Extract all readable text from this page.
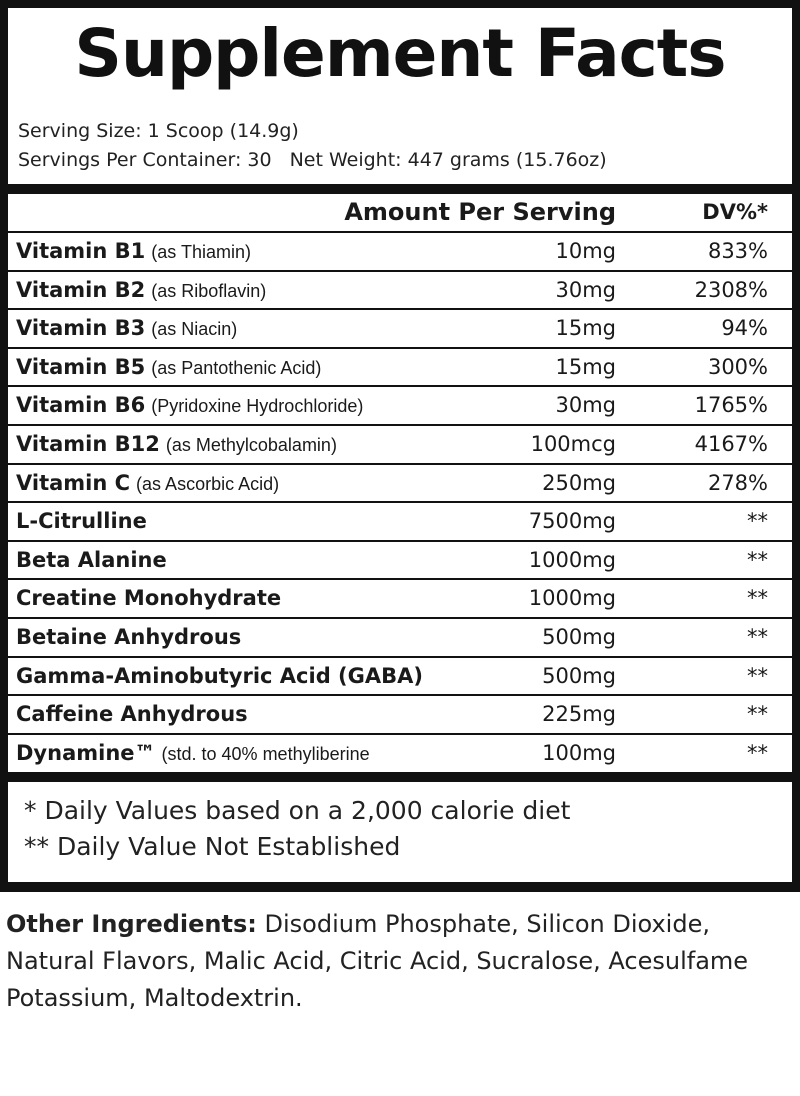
Supplement Facts
Serving Size: 1 Scoop (14.9g)
Servings Per Container: 30 Net Weight: 447 grams (15.76oz)
Amount Per Serving	DV%*
Vitamin B1 (as Thiamin)	10mg	833%
Vitamin B2 (as Riboflavin)	30mg	2308%
Vitamin B3 (as Niacin)	15mg	94%
Vitamin B5 (as Pantothenic Acid)	15mg	300%
Vitamin B6 (Pyridoxine Hydrochloride)	30mg	1765%
Vitamin B12 (as Methylcobalamin)	100mcg	4167%
Vitamin C (as Ascorbic Acid)	250mg	278%
L-Citrulline	7500mg	**
Beta Alanine	1000mg	**
Creatine Monohydrate	1000mg	**
Betaine Anhydrous	500mg	**
Gamma-Aminobutyric Acid (GABA)	500mg	**
Caffeine Anhydrous	225mg	**
Dynamine™ (std. to 40% methyliberine	100mg	**
* Daily Values based on a 2,000 calorie diet
** Daily Value Not Established
Other Ingredients: Disodium Phosphate, Silicon Dioxide, Natural Flavors, Malic Acid, Citric Acid, Sucralose, Acesulfame Potassium, Maltodextrin.
